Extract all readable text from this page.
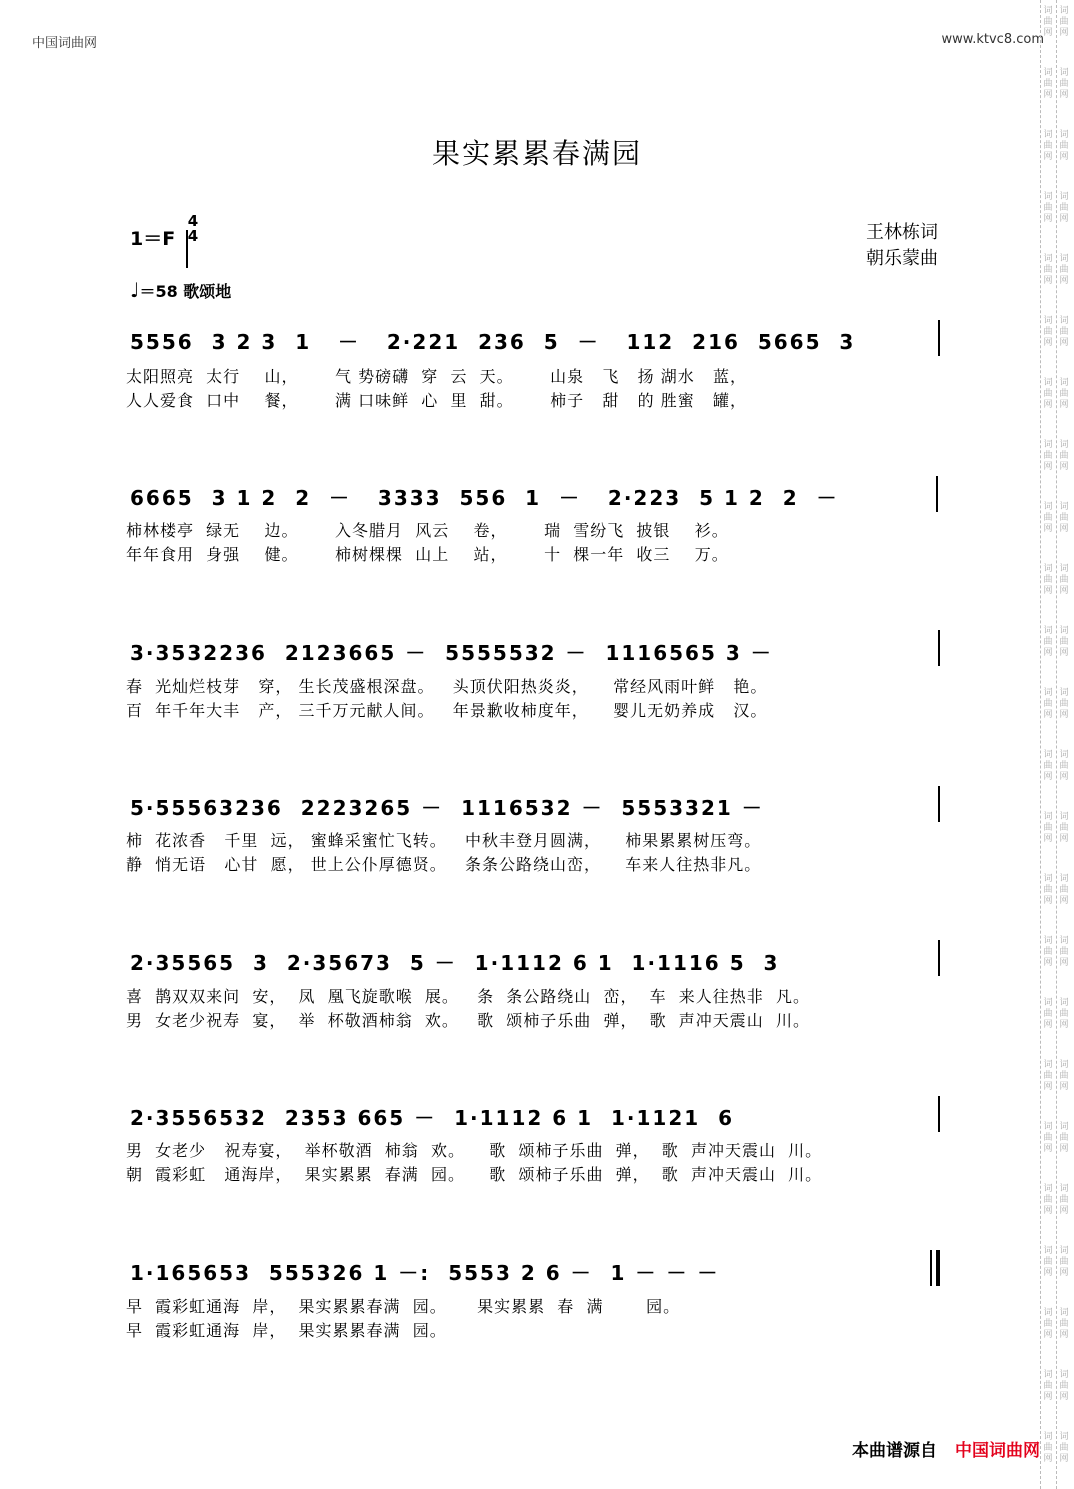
中国词曲网	www.ktvc8.com
果实累累春满园
1＝F
4
4	王林栋词
朝乐蒙曲
♩＝58 歌颂地
5556  3 2 3  1   －   2·221  236  5  －   112  216  5665  3
太阳照亮  太行    山，      气 势磅礴  穿  云  天。      山泉   飞   扬 湖水   蓝，
人人爱食  口中    餐，      满 口味鲜  心  里  甜。      柿子   甜   的 胜蜜   罐，
6665  3 1 2  2  －   3333  556  1  －   2·223  5 1 2  2  －
柿林楼亭  绿无    边。      入冬腊月  风云    卷，      瑞  雪纷飞  披银    衫。
年年食用  身强    健。      柿树棵棵  山上    站，      十  棵一年  收三    万。
3·3532236  2123665 －  5555532 －  1116565 3 －
春  光灿烂枝芽   穿， 生长茂盛根深盘。   头顶伏阳热炎炎，    常经风雨叶鲜   艳。
百  年千年大丰   产， 三千万元献人间。   年景歉收柿度年，    婴儿无奶养成   汉。
5·55563236  2223265 －  1116532 －  5553321 －
柿  花浓香   千里  远， 蜜蜂采蜜忙飞转。   中秋丰登月圆满，    柿果累累树压弯。
静  悄无语   心甘  愿， 世上公仆厚德贤。   条条公路绕山峦，    车来人往热非凡。
2·35565  3  2·35673  5 －  1·1112 6 1  1·1116 5  3
喜  鹊双双来问  安，  凤  凰飞旋歌喉  展。   条  条公路绕山  峦，  车  来人往热非  凡。
男  女老少祝寿  宴，  举  杯敬酒柿翁  欢。   歌  颂柿子乐曲  弹，  歌  声冲天震山  川。
2·3556532  2353 665 －  1·1112 6 1  1·1121  6
男  女老少   祝寿宴，  举杯敬酒  柿翁  欢。    歌  颂柿子乐曲  弹，  歌  声冲天震山  川。
朝  霞彩虹   通海岸，  果实累累  春满  园。    歌  颂柿子乐曲  弹，  歌  声冲天震山  川。
1·165653  555326 1 －:  5553 2 6 －  1 － － －
早  霞彩虹通海  岸，  果实累累春满  园。     果实累累  春  满       园。
早  霞彩虹通海  岸，  果实累累春满  园。
本曲谱源自 中国词曲网
词
曲
网
词
曲
网
词
曲
网
词
曲
网
词
曲
网
词
曲
网
词
曲
网
词
曲
网
词
曲
网
词
曲
网
词
曲
网
词
曲
网
词
曲
网
词
曲
网
词
曲
网
词
曲
网
词
曲
网
词
曲
网
词
曲
网
词
曲
网
词
曲
网
词
曲
网
词
曲
网
词
曲
网
词
曲
网
词
曲
网
词
曲
网
词
曲
网
词
曲
网
词
曲
网
词
曲
网
词
曲
网
词
曲
网
词
曲
网
词
曲
网
词
曲
网
词
曲
网
词
曲
网
词
曲
网
词
曲
网
词
曲
网
词
曲
网
词
曲
网
词
曲
网
词
曲
网
词
曲
网
词
曲
网
词
曲
网
